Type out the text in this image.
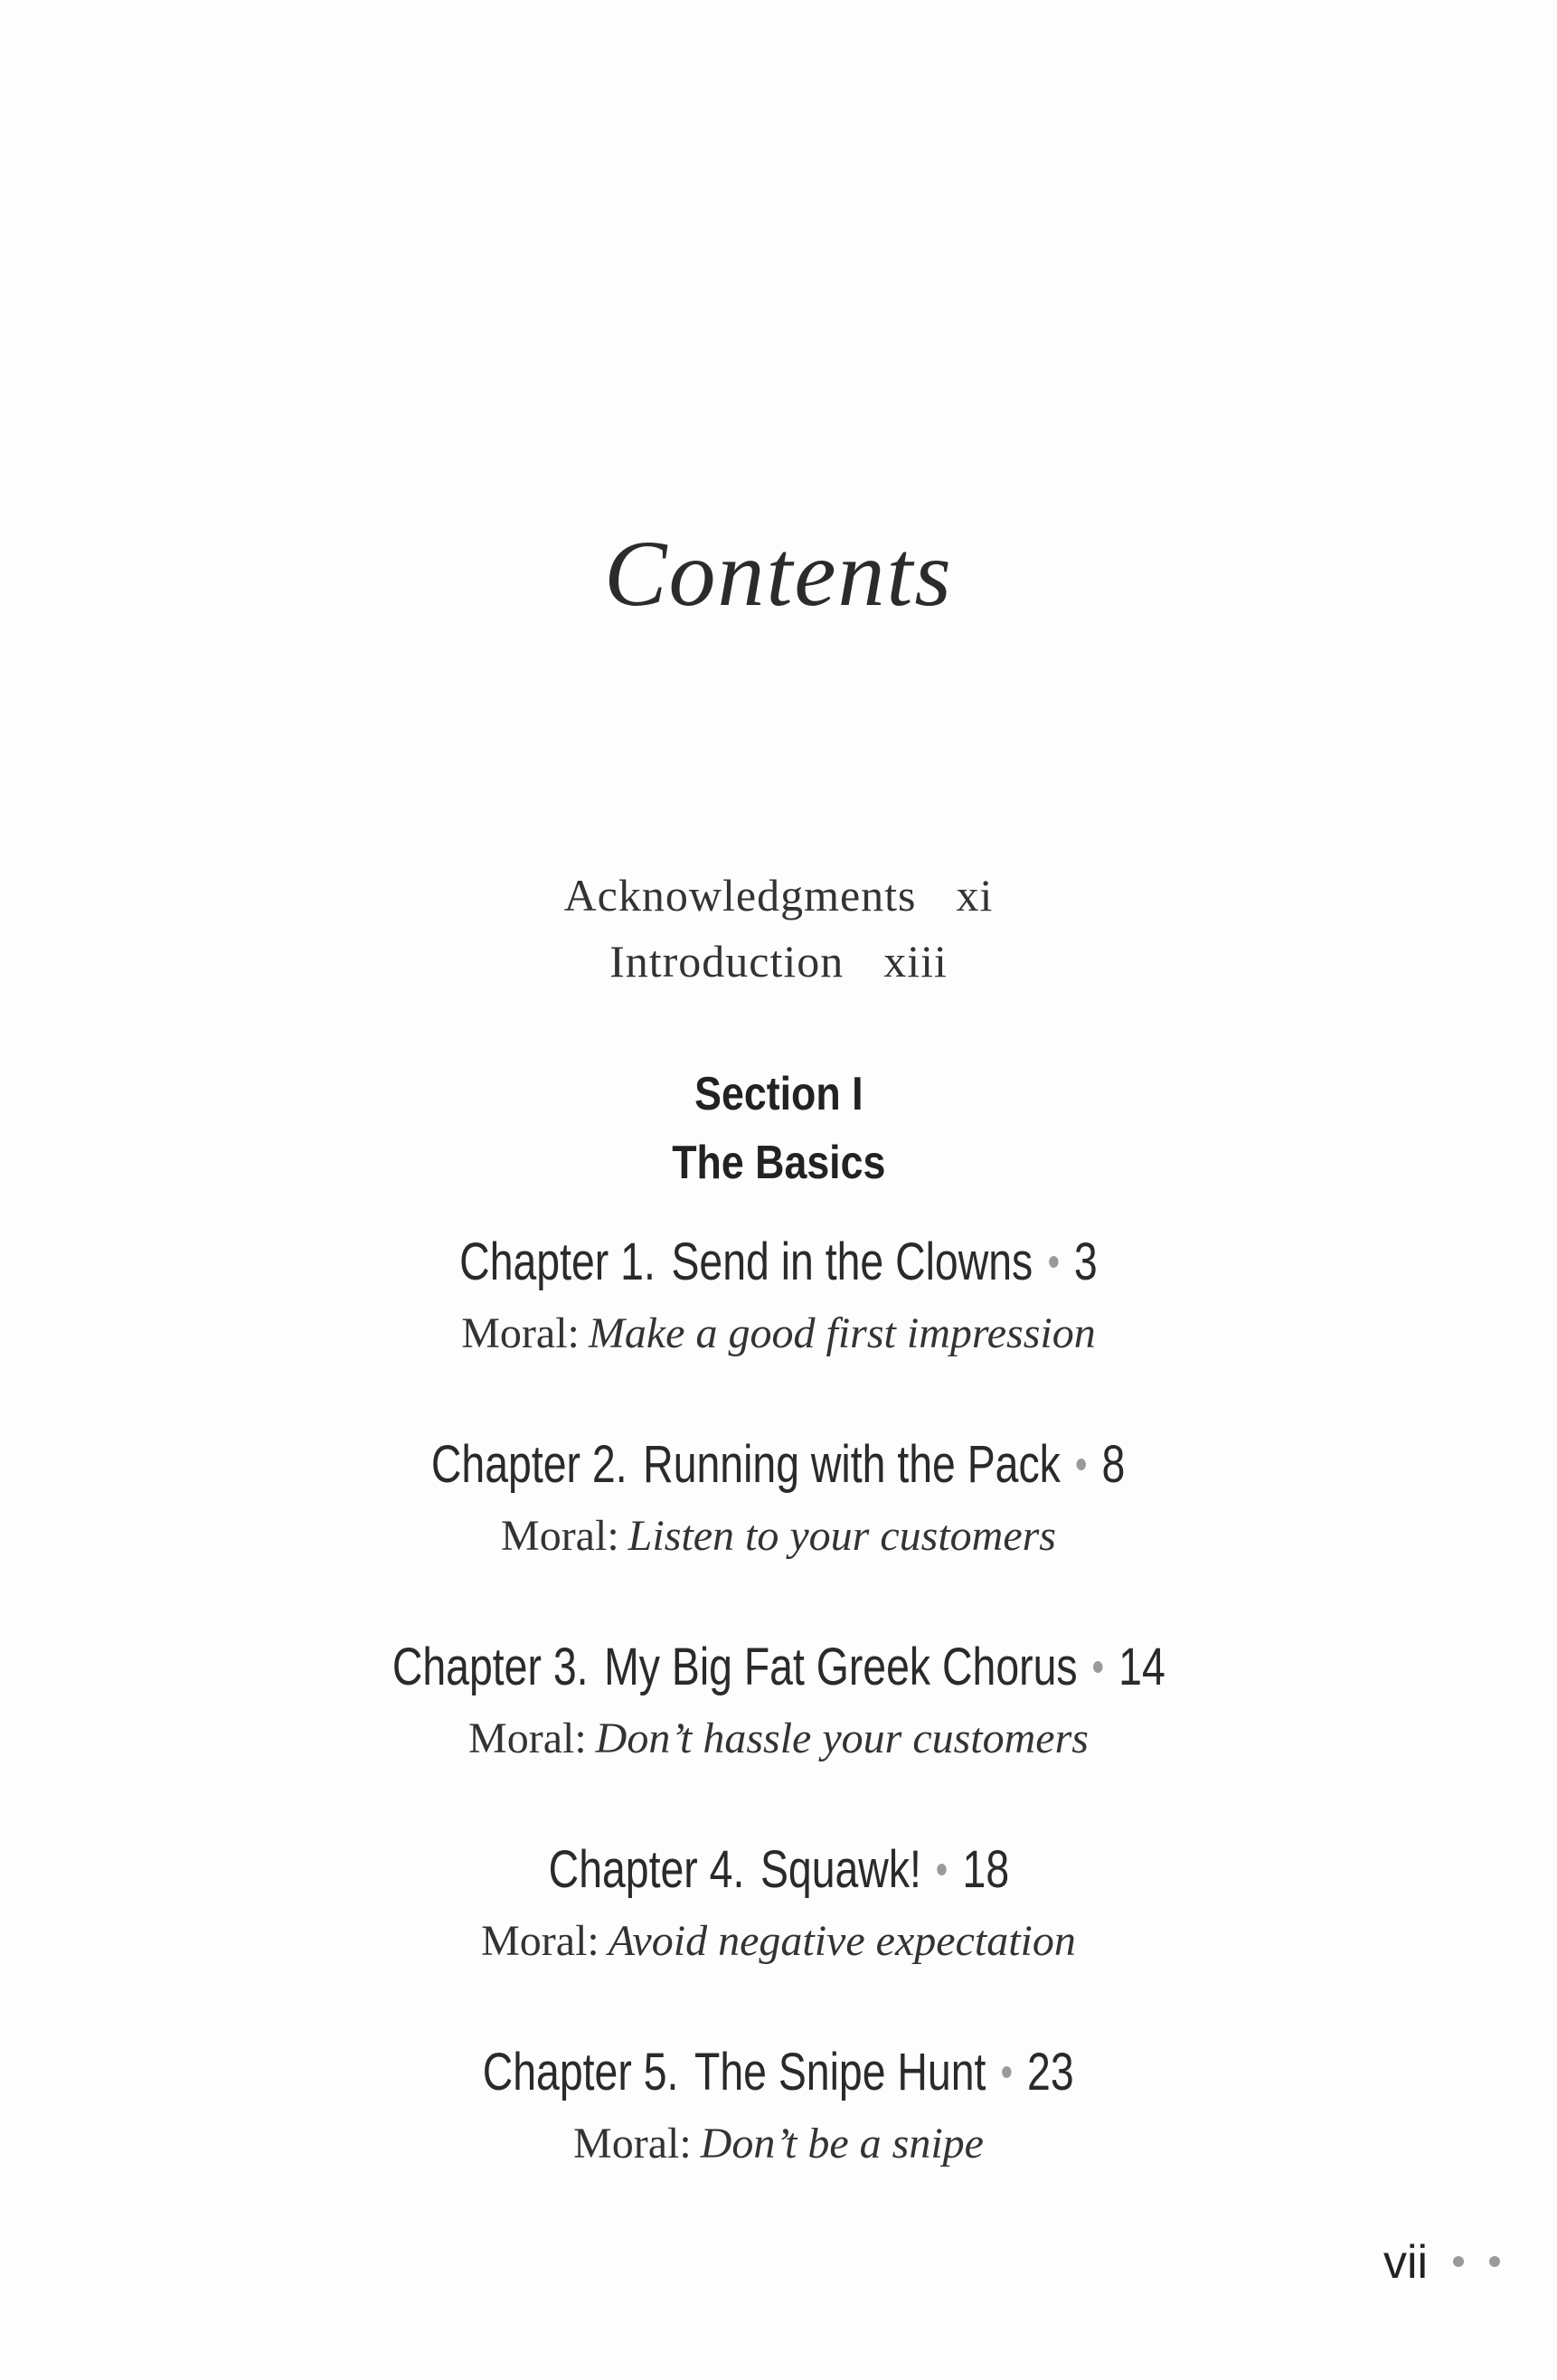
Contents
Acknowledgments xi
Introduction xiii
Section I
The Basics
Chapter 1. Send in the Clowns 3
Moral: Make a good first impression
Chapter 2. Running with the Pack 8
Moral: Listen to your customers
Chapter 3. My Big Fat Greek Chorus 14
Moral: Don’t hassle your customers
Chapter 4. Squawk! 18
Moral: Avoid negative expectation
Chapter 5. The Snipe Hunt 23
Moral: Don’t be a snipe
vii
